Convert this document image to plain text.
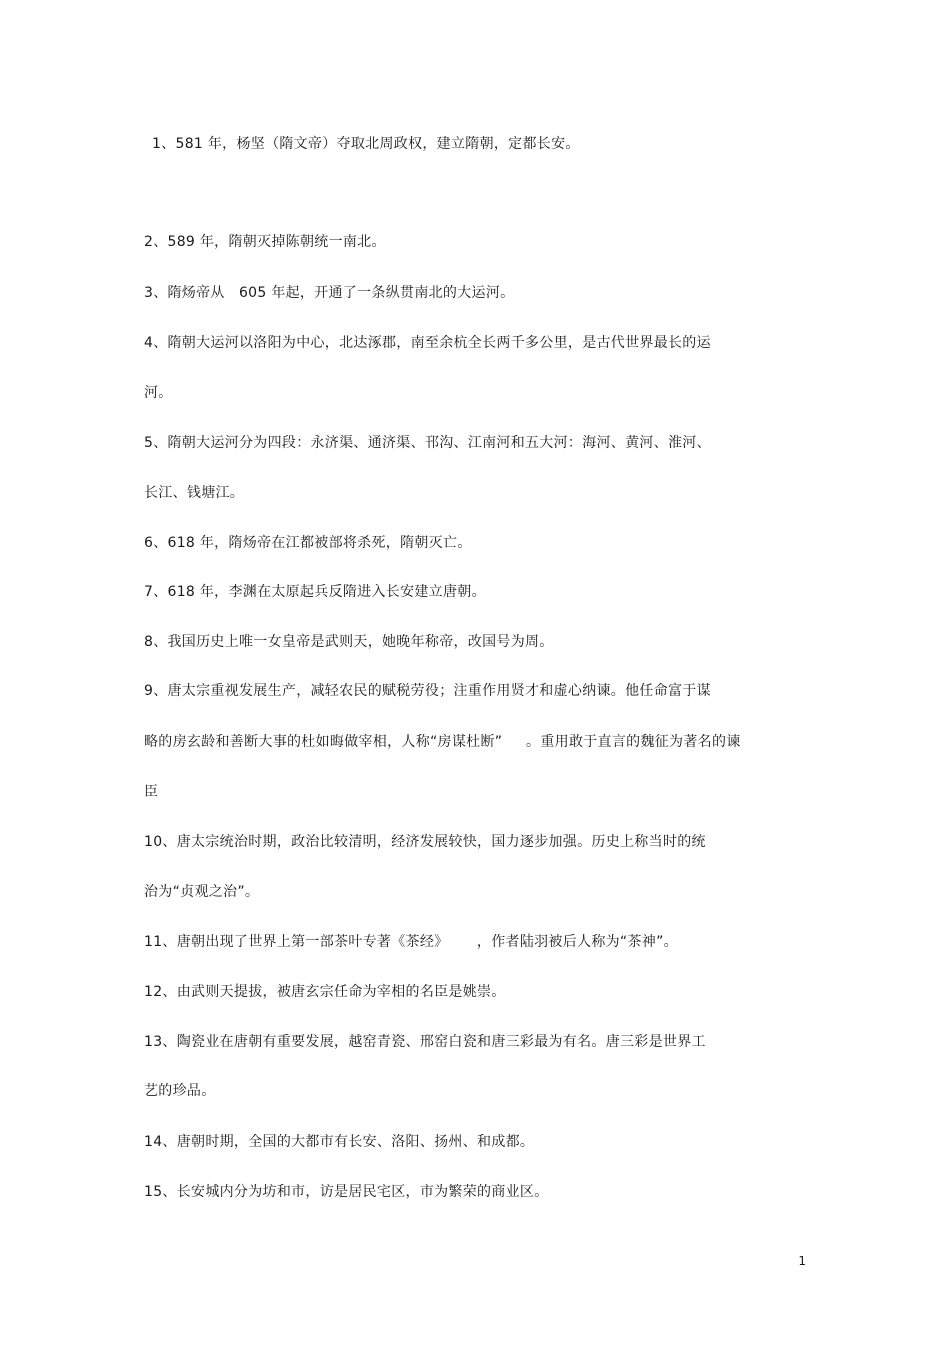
1、581 年，杨坚（隋文帝）夺取北周政权，建立隋朝，定都长安。
2、589 年，隋朝灭掉陈朝统一南北。
3、隋炀帝从   605 年起，开通了一条纵贯南北的大运河。
4、隋朝大运河以洛阳为中心，北达涿郡，南至余杭全长两千多公里，是古代世界最长的运
河。
5、隋朝大运河分为四段：永济渠、通济渠、邗沟、江南河和五大河：海河、黄河、淮河、
长江、钱塘江。
6、618 年，隋炀帝在江都被部将杀死，隋朝灭亡。
7、618 年，李渊在太原起兵反隋进入长安建立唐朝。
8、我国历史上唯一女皇帝是武则天，她晚年称帝，改国号为周。
9、唐太宗重视发展生产，减轻农民的赋税劳役；注重作用贤才和虚心纳谏。他任命富于谋
略的房玄龄和善断大事的杜如晦做宰相，人称“房谋杜断”     。重用敢于直言的魏征为著名的谏
臣
10、唐太宗统治时期，政治比较清明，经济发展较快，国力逐步加强。历史上称当时的统
治为“贞观之治”。
11、唐朝出现了世界上第一部茶叶专著《茶经》      ，作者陆羽被后人称为“茶神”。
12、由武则天提拔，被唐玄宗任命为宰相的名臣是姚崇。
13、陶瓷业在唐朝有重要发展，越窑青瓷、邢窑白瓷和唐三彩最为有名。唐三彩是世界工
艺的珍品。
14、唐朝时期，全国的大都市有长安、洛阳、扬州、和成都。
15、长安城内分为坊和市，访是居民宅区，市为繁荣的商业区。
1
